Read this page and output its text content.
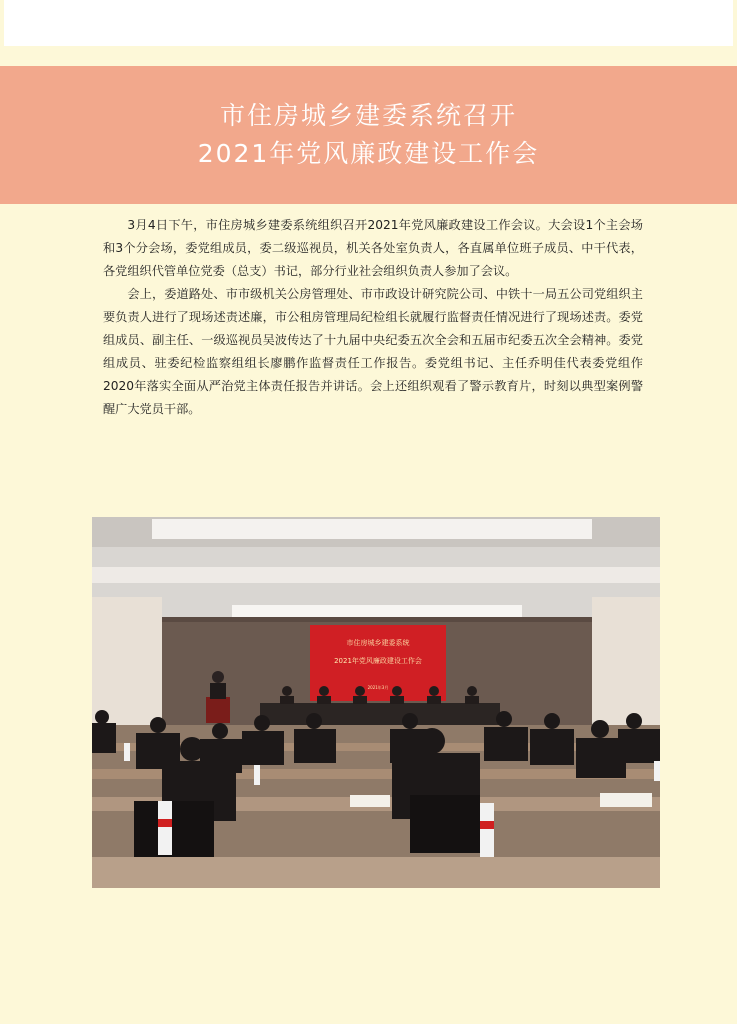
市住房城乡建委系统召开
2021年党风廉政建设工作会

3月4日下午，市住房城乡建委系统组织召开2021年党风廉政建设工作会议。大会设1个主会场和3个分会场，委党组成员，委二级巡视员，机关各处室负责人，各直属单位班子成员、中干代表，各党组织代管单位党委（总支）书记，部分行业社会组织负责人参加了会议。

会上，委道路处、市市级机关公房管理处、市市政设计研究院公司、中铁十一局五公司党组织主要负责人进行了现场述责述廉，市公租房管理局纪检组长就履行监督责任情况进行了现场述责。委党组成员、副主任、一级巡视员吴波传达了十九届中央纪委五次全会和五届市纪委五次全会精神。委党组成员、驻委纪检监察组组长廖鹏作监督责任工作报告。委党组书记、主任乔明佳代表委党组作2020年落实全面从严治党主体责任报告并讲话。会上还组织观看了警示教育片，时刻以典型案例警醒广大党员干部。

市住房城乡建委系统
2021年党风廉政建设工作会
2021年3月
